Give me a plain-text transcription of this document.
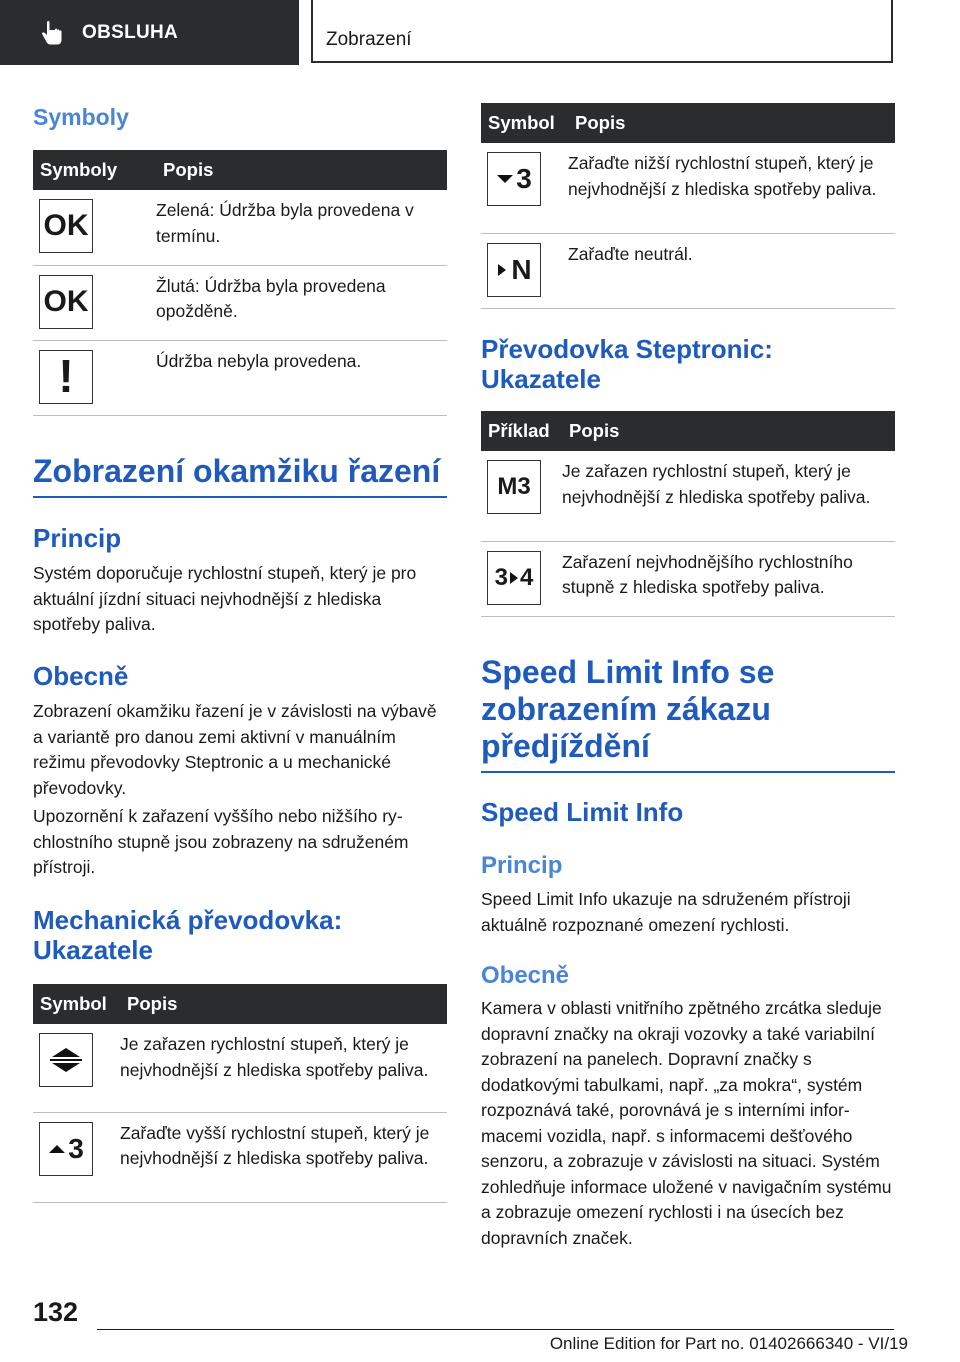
OBSLUHA	Zobrazení
Symboly
Symboly	Popis

OK	Zelená: Údržba byla provedena v termínu.

OK	Žlutá: Údržba byla provedena opožděně.

!	Údržba nebyla provedena.
Zobrazení okamžiku řazení
Princip

Systém doporučuje rychlostní stupeň, který je pro aktuální jízdní situaci nejvhodnější z hlediska spotřeby paliva.

Obecně

Zobrazení okamžiku řazení je v závislosti na výbavě a variantě pro danou zemi aktivní v manuálním režimu převodovky Steptronic a u mechanické převodovky.

Upozornění k zařazení vyššího nebo nižšího rychlostního stupně jsou zobrazeny na sdruženém přístroji.

Mechanická převodovka: Ukazatele
Symbol	Popis

	Je zařazen rychlostní stupeň, který je nejvhodnější z hlediska spotřeby paliva.

3	Zařaďte vyšší rychlostní stupeň, který je nejvhodnější z hlediska spotřeby paliva.
Symbol	Popis

3	Zařaďte nižší rychlostní stupeň, který je nejvhodnější z hlediska spotřeby paliva.

N	Zařaďte neutrál.
Převodovka Steptronic: Ukazatele
Příklad	Popis

M3	Je zařazen rychlostní stupeň, který je nejvhodnější z hlediska spotřeby paliva.

3 4	Zařazení nejvhodnějšího rychlostního stupně z hlediska spotřeby paliva.
Speed Limit Info se zobrazením zákazu předjíždění
Speed Limit Info
Princip

Speed Limit Info ukazuje na sdruženém přístroji aktuálně rozpoznané omezení rychlosti.

Obecně

Kamera v oblasti vnitřního zpětného zrcátka sleduje dopravní značky na okraji vozovky a také variabilní zobrazení na panelech. Dopravní značky s dodatkovými tabulkami, např. „za mokra“, systém rozpoznává také, porovnává je s interními informacemi vozidla, např. s informacemi dešťového senzoru, a zobrazuje v závislosti na situaci. Systém zohledňuje informace uložené v navigačním systému a zobrazuje omezení rychlosti i na úsecích bez dopravních značek.

132
Online Edition for Part no. 01402666340 - VI/19
